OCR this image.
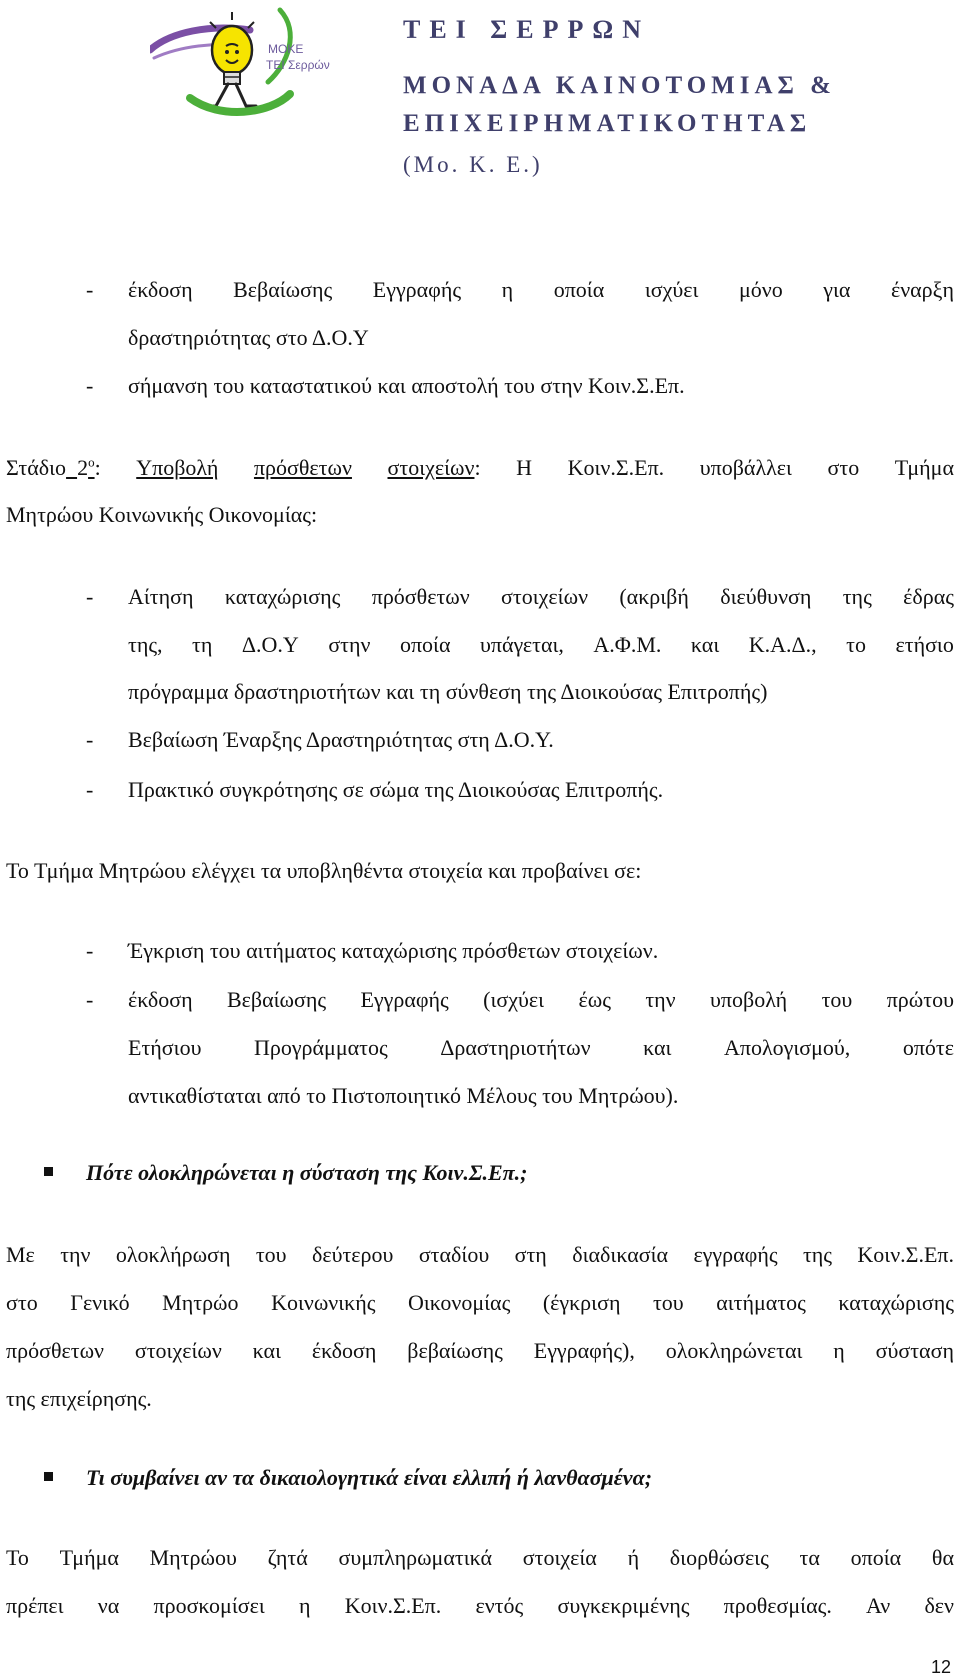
ΜΟΚΕ
ΤΕΙ Σερρών
ΤΕΙ ΣΕΡΡΩΝ
ΜΟΝΑΔΑ ΚΑΙΝΟΤΟΜΙΑΣ &
ΕΠΙΧΕΙΡΗΜΑΤΙΚΟΤΗΤΑΣ
(Μο. Κ. Ε.)
- έκδοση Βεβαίωσης Εγγραφής η οποία ισχύει μόνο για έναρξη
δραστηριότητας στο Δ.Ο.Υ
- σήμανση του καταστατικού και αποστολή του στην Κοιν.Σ.Επ.
Στάδιο $2^o$: Υποβολή πρόσθετων στοιχείων: Η Κοιν.Σ.Επ. υποβάλλει στο Τμήμα
Μητρώου Κοινωνικής Οικονομίας:
- Αίτηση καταχώρισης πρόσθετων στοιχείων (ακριβή διεύθυνση της έδρας
της, τη Δ.Ο.Υ στην οποία υπάγεται, Α.Φ.Μ. και Κ.Α.Δ., το ετήσιο
πρόγραμμα δραστηριοτήτων και τη σύνθεση της Διοικούσας Επιτροπής)
- Βεβαίωση Έναρξης Δραστηριότητας στη Δ.Ο.Υ.
- Πρακτικό συγκρότησης σε σώμα της Διοικούσας Επιτροπής.
Το Τμήμα Μητρώου ελέγχει τα υποβληθέντα στοιχεία και προβαίνει σε:
- Έγκριση του αιτήματος καταχώρισης πρόσθετων στοιχείων.
- έκδοση Βεβαίωσης Εγγραφής (ισχύει έως την υποβολή του πρώτου
Ετήσιου Προγράμματος Δραστηριοτήτων και Απολογισμού, οπότε
αντικαθίσταται από το Πιστοποιητικό Μέλους του Μητρώου).
Πότε ολοκληρώνεται η σύσταση της Κοιν.Σ.Επ.;
Με την ολοκλήρωση του δεύτερου σταδίου στη διαδικασία εγγραφής της Κοιν.Σ.Επ.
στο Γενικό Μητρώο Κοινωνικής Οικονομίας (έγκριση του αιτήματος καταχώρισης
πρόσθετων στοιχείων και έκδοση βεβαίωσης Εγγραφής), ολοκληρώνεται η σύσταση
της επιχείρησης.
Τι συμβαίνει αν τα δικαιολογητικά είναι ελλιπή ή λανθασμένα;
Το Τμήμα Μητρώου ζητά συμπληρωματικά στοιχεία ή διορθώσεις τα οποία θα
πρέπει να προσκομίσει η Κοιν.Σ.Επ. εντός συγκεκριμένης προθεσμίας. Αν δεν
12
